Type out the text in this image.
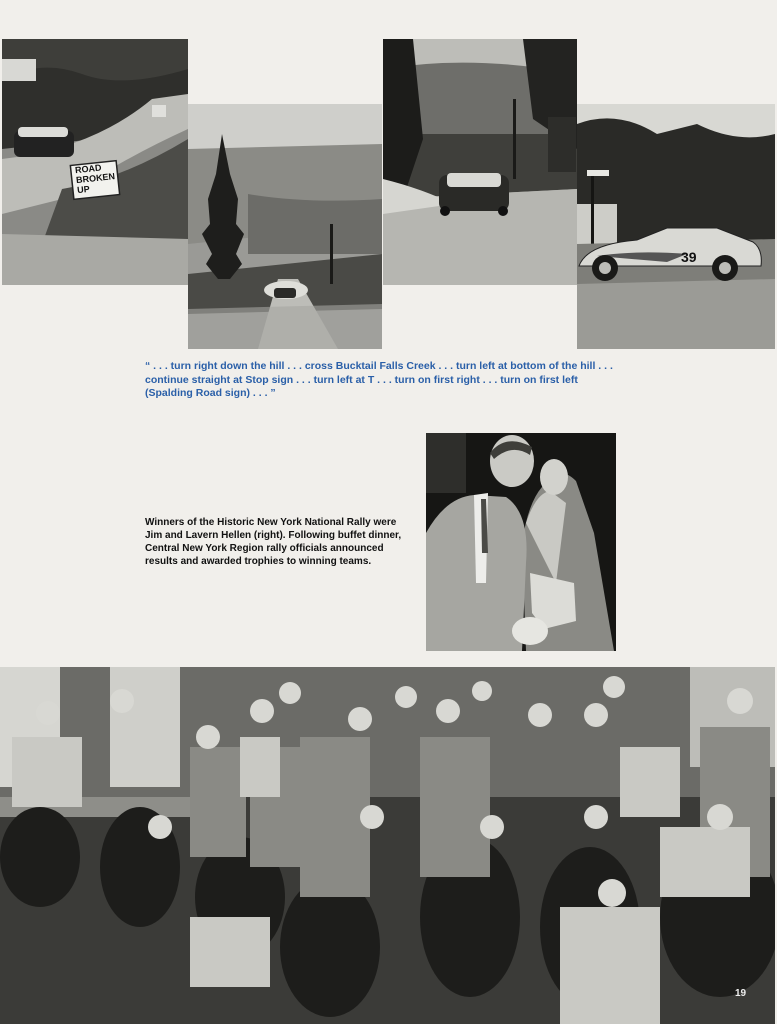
ROAD BROKEN UP
39
“ . . . turn right down the hill . . . cross Bucktail Falls Creek . . . turn left at bottom of the hill . . . continue straight at Stop sign . . . turn left at T . . . turn on first right . . . turn on first left (Spalding Road sign) . . . ”
Winners of the Historic New York National Rally were Jim and Lavern Hellen (right). Following buffet dinner, Central New York Region rally officials announced results and awarded trophies to winning teams.
19
